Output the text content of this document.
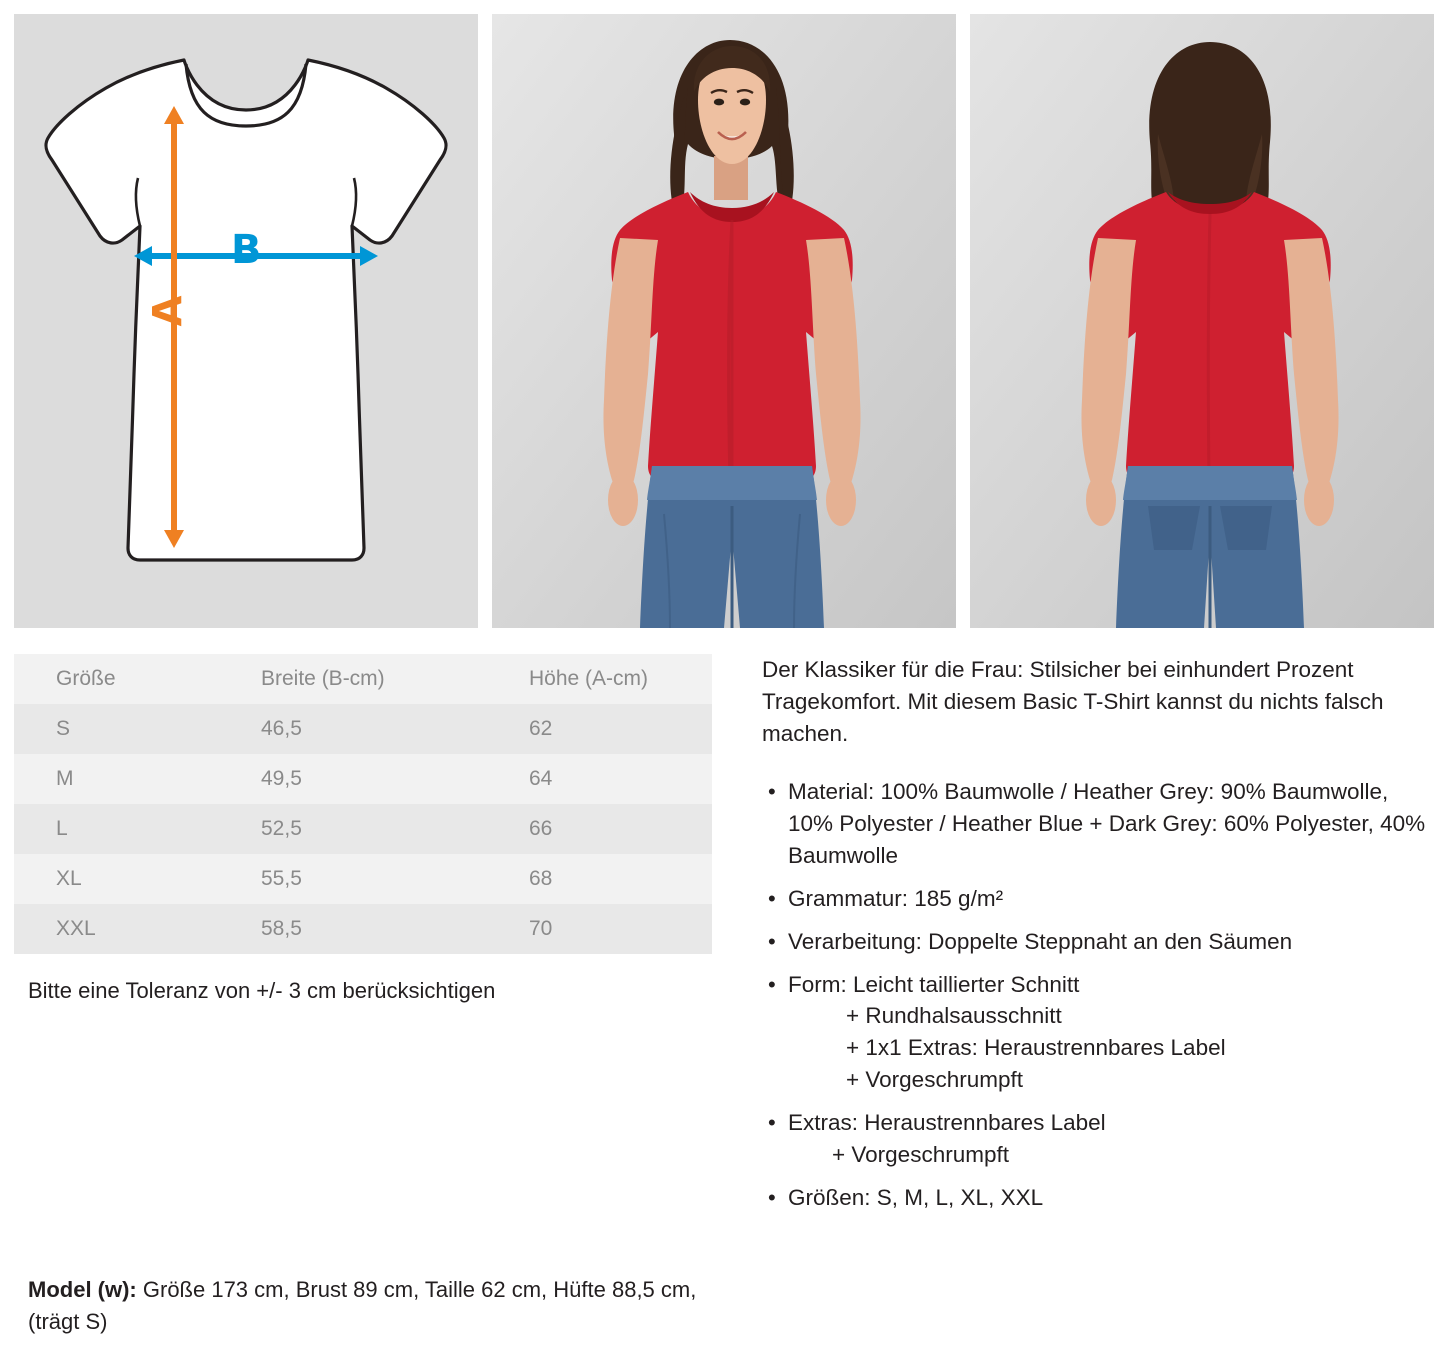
B
A
Größe	Breite (B-cm)	Höhe (A-cm)
S	46,5	62
M	49,5	64
L	52,5	66
XL	55,5	68
XXL	58,5	70
Bitte eine Toleranz von +/- 3 cm berücksichtigen
Model (w): Größe 173 cm, Brust 89 cm, Taille 62 cm, Hüfte 88,5 cm, (trägt S)

Der Klassiker für die Frau: Stilsicher bei einhundert Prozent Tragekomfort. Mit diesem Basic T-Shirt kannst du nichts falsch machen.

• Material: 100% Baumwolle / Heather Grey: 90% Baumwolle, 10% Polyester / Heather Blue + Dark Grey: 60% Polyester, 40% Baumwolle
• Grammatur: 185 g/m²
• Verarbeitung: Doppelte Steppnaht an den Säumen
• Form: Leicht taillierter Schnitt
+ Rundhalsausschnitt
+ 1x1 Extras: Heraustrennbares Label
+ Vorgeschrumpft
• Extras: Heraustrennbares Label
+ Vorgeschrumpft
• Größen: S, M, L, XL, XXL
